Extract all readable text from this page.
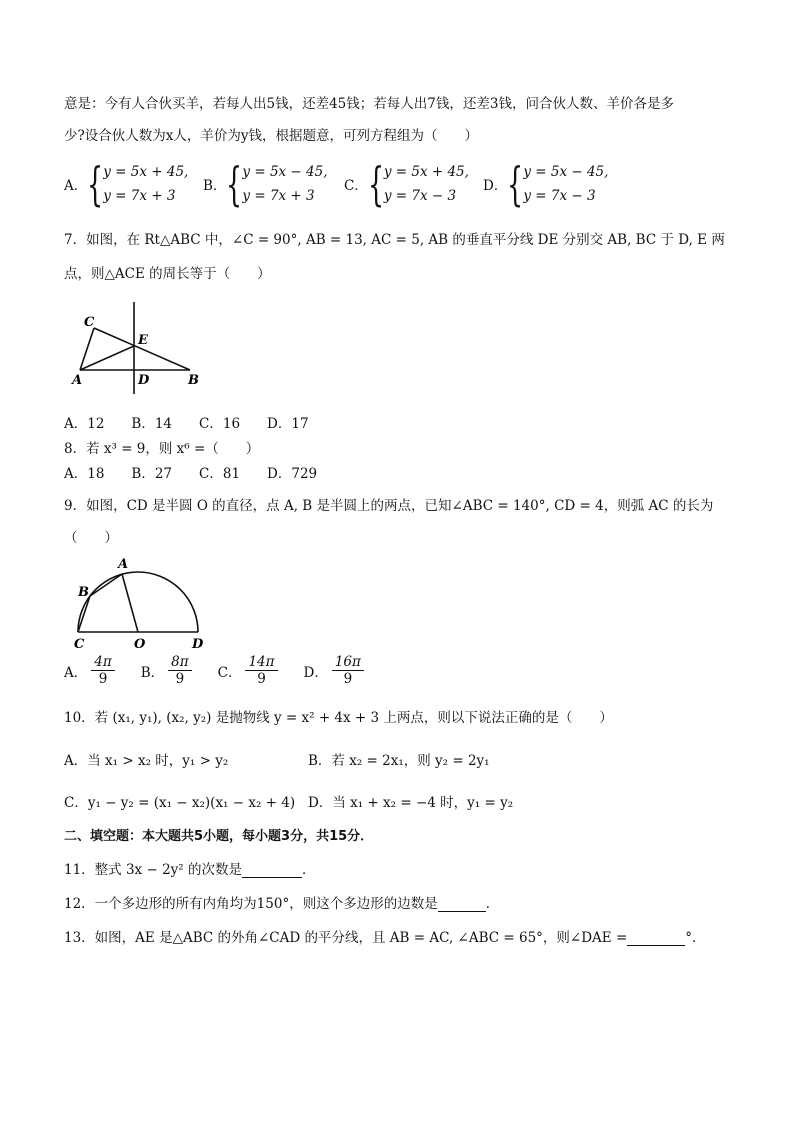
意是：今有人合伙买羊，若每人出5钱，还差45钱；若每人出7钱，还差3钱，问合伙人数、羊价各是多
少?设合伙人数为x人，羊价为y钱，根据题意，可列方程组为（　　）
A． { y = 5x + 45,
y = 7x + 3
B． { y = 5x − 45,
y = 7x + 3
C． { y = 5x + 45,
y = 7x − 3
D． { y = 5x − 45,
y = 7x − 3
7．如图，在 Rt△ABC 中，∠C = 90°, AB = 13, AC = 5, AB 的垂直平分线 DE 分别交 AB, BC 于 D, E 两
点，则△ACE 的周长等于（　　）
C
E
A	D	B
A．12　　B．14　　C．16　　D．17
8．若 x³ = 9，则 x⁶ =（　　）
A．18　　B．27　　C．81　　D．729
9．如图，CD 是半圆 O 的直径，点 A, B 是半圆上的两点，已知∠ABC = 140°, CD = 4，则弧 AC 的长为
（　　）
A
B
C	O	D
A． $\frac{4\pi}{9}$ B． $\frac{8\pi}{9}$ C． $\frac{14\pi}{9}$ D． $\frac{16\pi}{9}$
10．若 (x₁, y₁), (x₂, y₂) 是抛物线 y = x² + 4x + 3 上两点，则以下说法正确的是（　　）
A．当 x₁ > x₂ 时，y₁ > y₂	B．若 x₂ = 2x₁，则 y₂ = 2y₁
C．y₁ − y₂ = (x₁ − x₂)(x₁ − x₂ + 4) D．当 x₁ + x₂ = −4 时，y₁ = y₂
二、填空题：本大题共5小题，每小题3分，共15分．
11．整式 3x − 2y² 的次数是	．
12．一个多边形的所有内角均为150°，则这个多边形的边数是	．
13．如图，AE 是△ABC 的外角∠CAD 的平分线，且 AB = AC, ∠ABC = 65°，则∠DAE =	°．
